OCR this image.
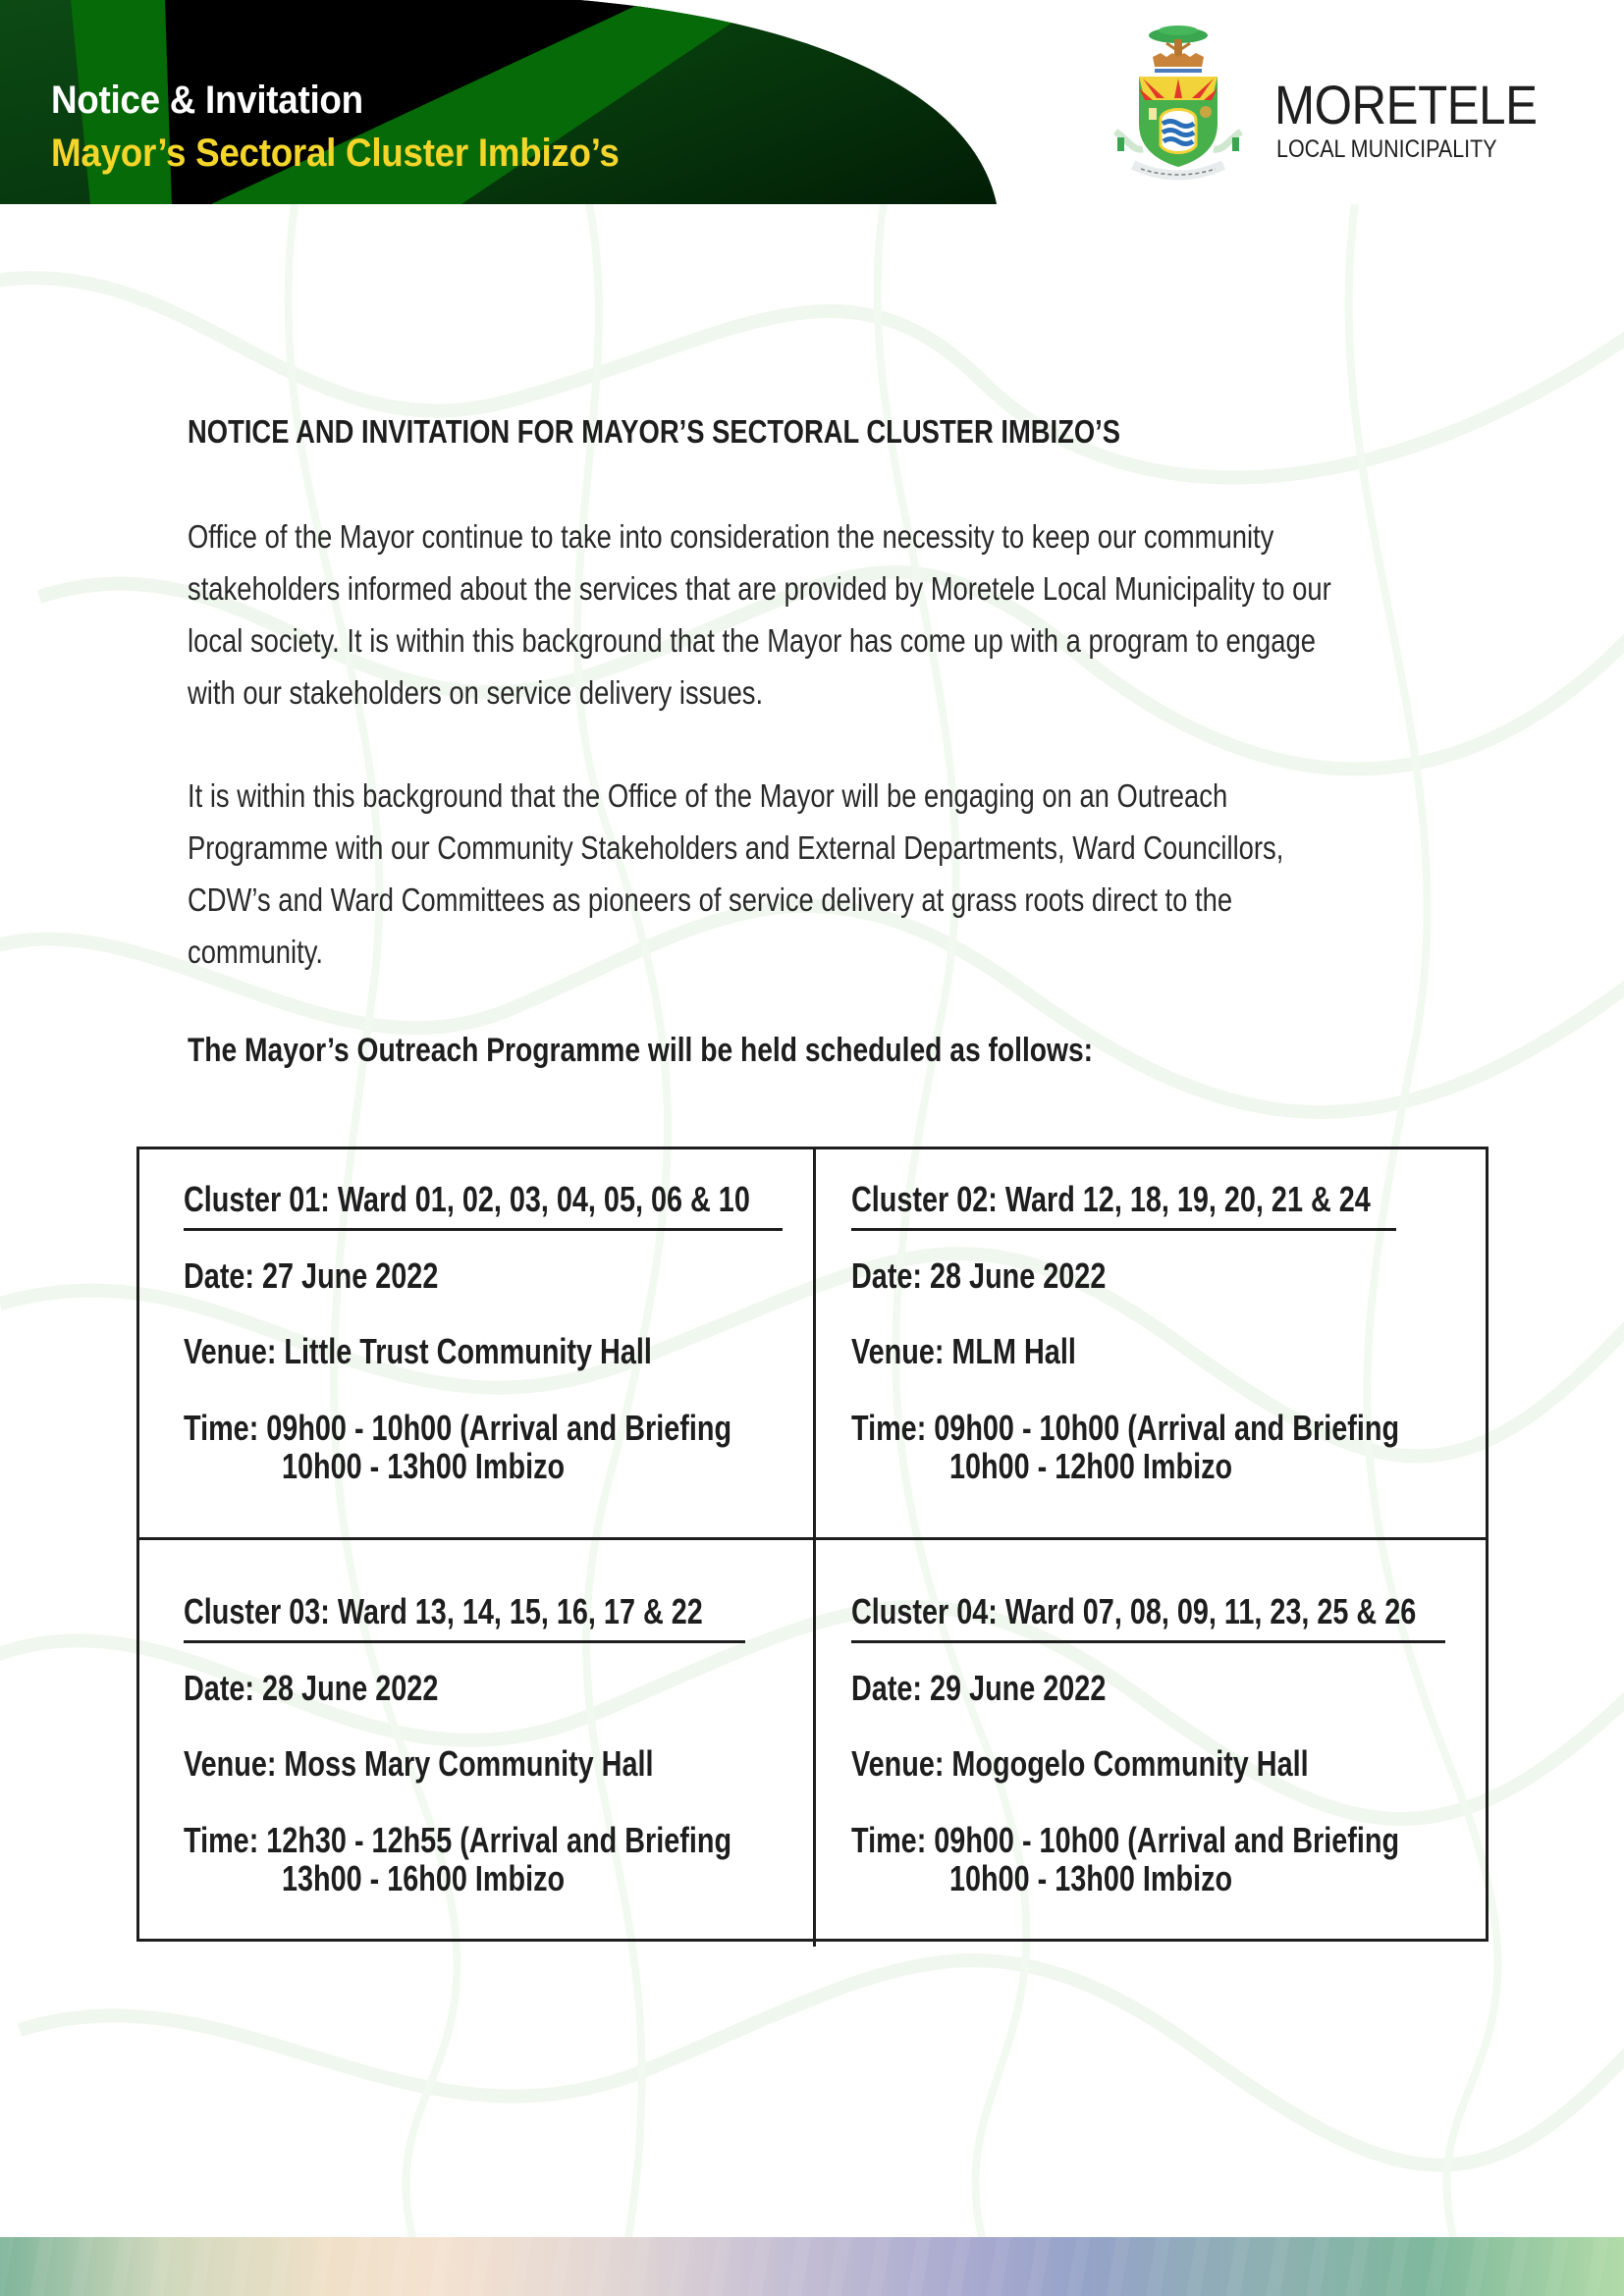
Notice & Invitation
Mayor’s Sectoral Cluster Imbizo’s
MORETELE
LOCAL MUNICIPALITY
NOTICE AND INVITATION FOR MAYOR’S SECTORAL CLUSTER IMBIZO’S
Office of the Mayor continue to take into consideration the necessity to keep our community
stakeholders informed about the services that are provided by Moretele Local Municipality to our
local society. It is within this background that the Mayor has come up with a program to engage
with our stakeholders on service delivery issues.
It is within this background that the Office of the Mayor will be engaging on an Outreach
Programme with our Community Stakeholders and External Departments, Ward Councillors,
CDW’s and Ward Committees as pioneers of service delivery at grass roots direct to the
community.
The Mayor’s Outreach Programme will be held scheduled as follows:
Cluster 01: Ward 01, 02, 03, 04, 05, 06 & 10
Date: 27 June 2022
Venue: Little Trust Community Hall
Time: 09h00 - 10h00 (Arrival and Briefing
10h00 - 13h00 Imbizo
Cluster 02: Ward 12, 18, 19, 20, 21 & 24
Date: 28 June 2022
Venue: MLM Hall
Time: 09h00 - 10h00 (Arrival and Briefing
10h00 - 12h00 Imbizo
Cluster 03: Ward 13, 14, 15, 16, 17 & 22
Date: 28 June 2022
Venue: Moss Mary Community Hall
Time: 12h30 - 12h55 (Arrival and Briefing
13h00 - 16h00 Imbizo
Cluster 04: Ward 07, 08, 09, 11, 23, 25 & 26
Date: 29 June 2022
Venue: Mogogelo Community Hall
Time: 09h00 - 10h00 (Arrival and Briefing
10h00 - 13h00 Imbizo
